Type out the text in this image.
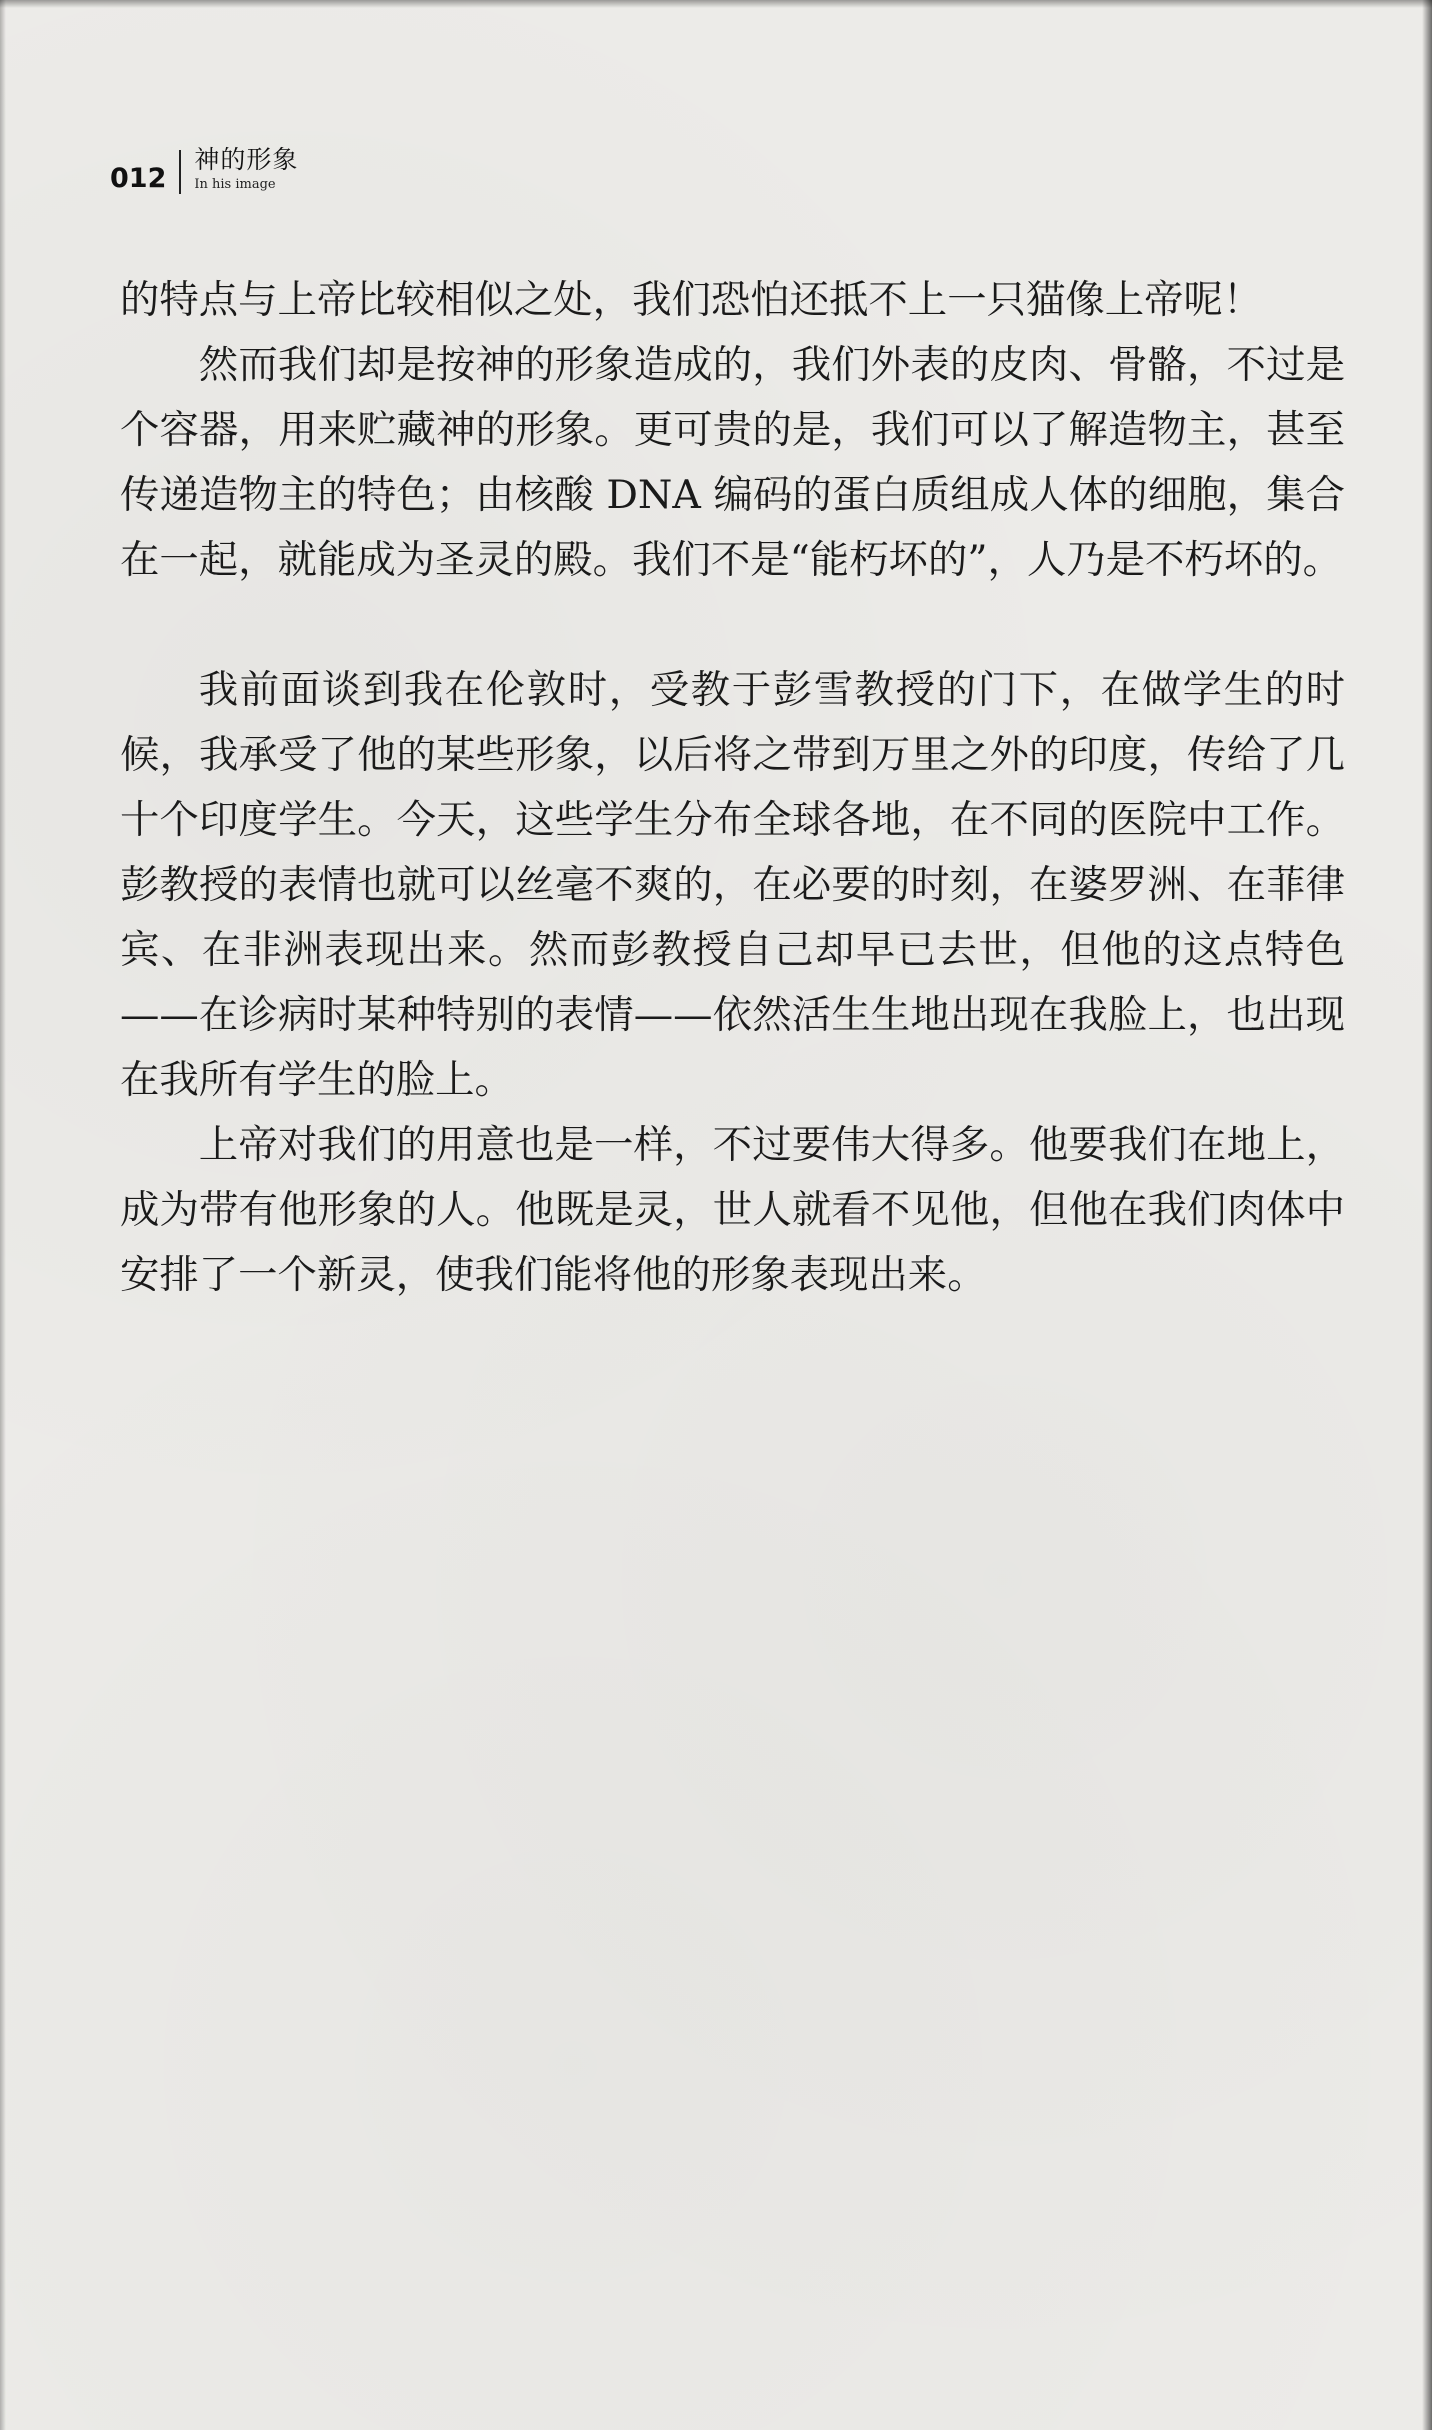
012
神的形象
In his image

的特点与上帝比较相似之处，我们恐怕还抵不上一只猫像上帝呢！

然而我们却是按神的形象造成的，我们外表的皮肉、骨骼，不过是个容器，用来贮藏神的形象。更可贵的是，我们可以了解造物主，甚至传递造物主的特色；由核酸 DNA 编码的蛋白质组成人体的细胞，集合在一起，就能成为圣灵的殿。我们不是“能朽坏的”，人乃是不朽坏的。

我前面谈到我在伦敦时，受教于彭雪教授的门下，在做学生的时候，我承受了他的某些形象，以后将之带到万里之外的印度，传给了几十个印度学生。今天，这些学生分布全球各地，在不同的医院中工作。彭教授的表情也就可以丝毫不爽的，在必要的时刻，在婆罗洲、在菲律宾、在非洲表现出来。然而彭教授自己却早已去世，但他的这点特色——在诊病时某种特别的表情——依然活生生地出现在我脸上，也出现在我所有学生的脸上。

上帝对我们的用意也是一样，不过要伟大得多。他要我们在地上，成为带有他形象的人。他既是灵，世人就看不见他，但他在我们肉体中安排了一个新灵，使我们能将他的形象表现出来。
